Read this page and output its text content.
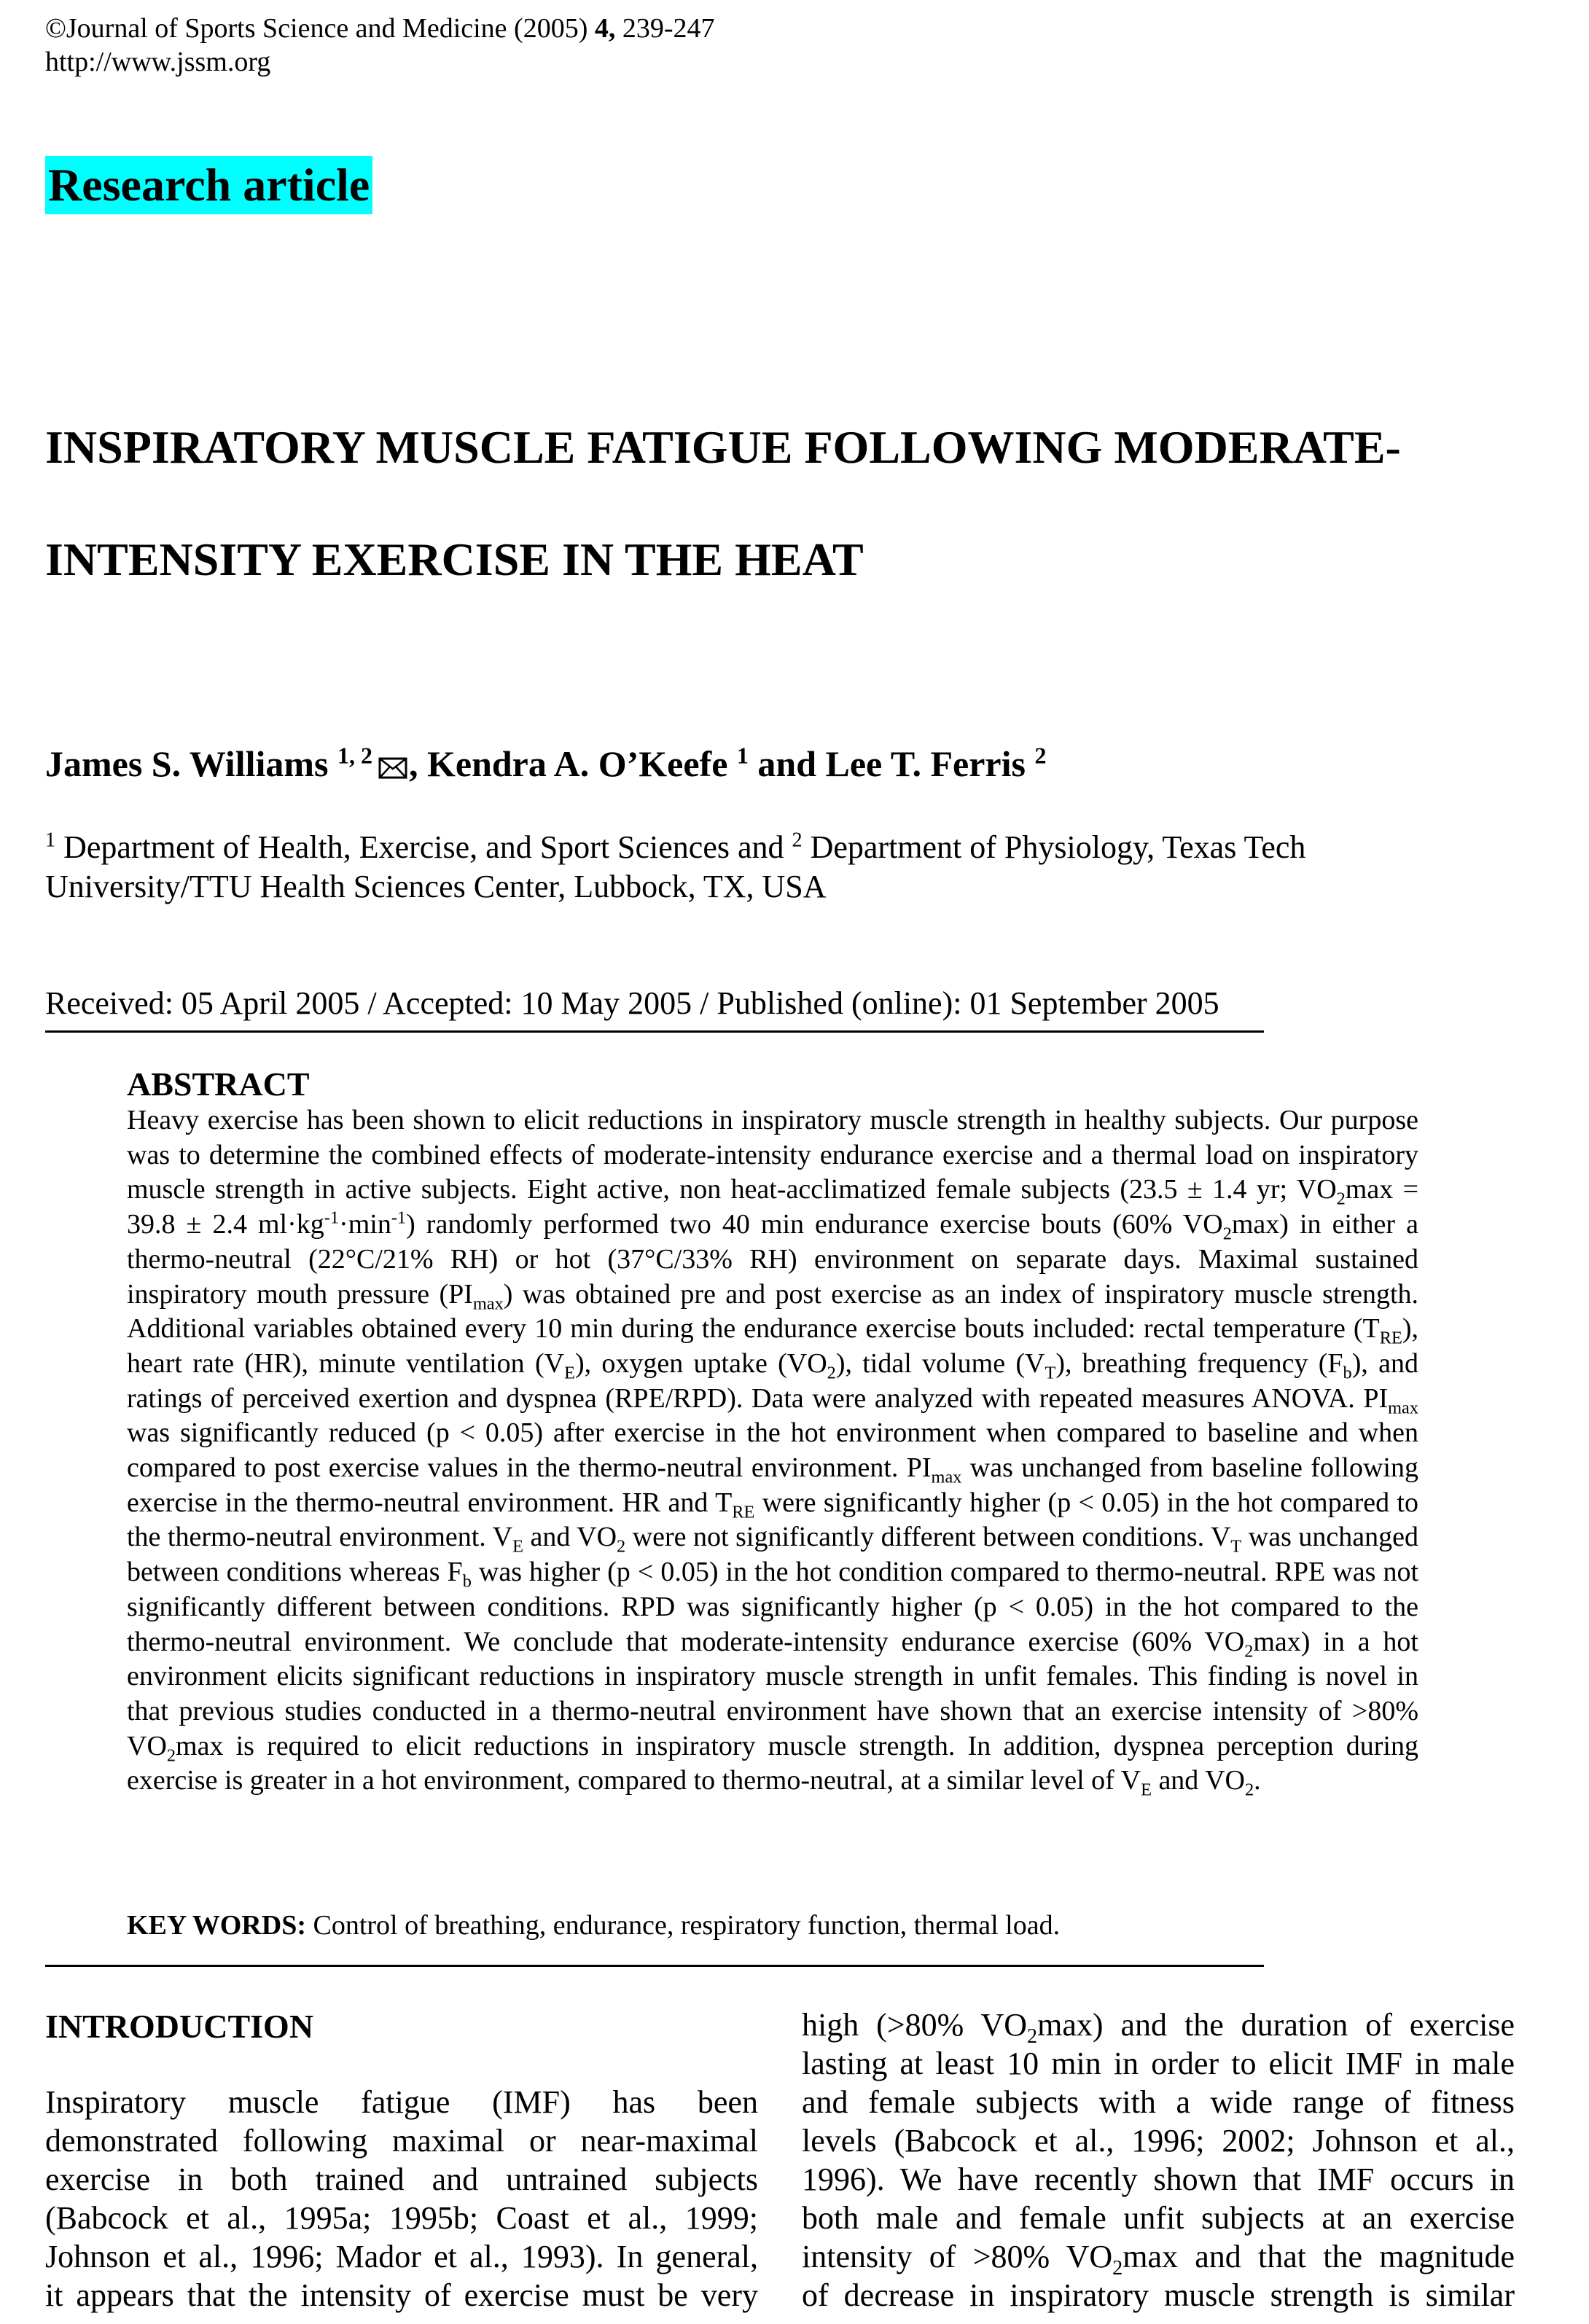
©Journal of Sports Science and Medicine (2005) 4, 239-247
http://www.jssm.org
Research article
INSPIRATORY MUSCLE FATIGUE FOLLOWING MODERATE-
INTENSITY EXERCISE IN THE HEAT
James S. Williams $^{1, 2}$ , Kendra A. O’Keefe $^1$ and Lee T. Ferris $^2$
$^1$ Department of Health, Exercise, and Sport Sciences and $^2$ Department of Physiology, Texas Tech
University/TTU Health Sciences Center, Lubbock, TX, USA
Received: 05 April 2005 / Accepted: 10 May 2005 / Published (online): 01 September 2005
ABSTRACT
Heavy exercise has been shown to elicit reductions in inspiratory muscle strength in healthy subjects. Our purpose was to determine the combined effects of moderate-intensity endurance exercise and a thermal load on inspiratory muscle strength in active subjects. Eight active, non heat-acclimatized female subjects (23.5 ± 1.4 yr; $VO_2\max = 39.8 \pm 2.4$ $ml\cdot kg^{-1}\cdot\min^{-1}$) randomly performed two 40 min endurance exercise bouts (60% $VO_2\max$) in either a thermo-neutral (22°C/21% RH) or hot (37°C/33% RH) environment on separate days. Maximal sustained inspiratory mouth pressure $(PI_{max})$ was obtained pre and post exercise as an index of inspiratory muscle strength. Additional variables obtained every 10 min during the endurance exercise bouts included: rectal temperature $(T_{RE})$, heart rate (HR), minute ventilation $(V_E)$, oxygen uptake $(VO_2)$, tidal volume $(V_T)$, breathing frequency $(F_b)$, and ratings of perceived exertion and dyspnea (RPE/RPD). Data were analyzed with repeated measures ANOVA. $PI_{max}$ was significantly reduced (p < 0.05) after exercise in the hot environment when compared to baseline and when compared to post exercise values in the thermo-neutral environment. $PI_{max}$ was unchanged from baseline following exercise in the thermo-neutral environment. HR and $T_{RE}$ were significantly higher (p < 0.05) in the hot compared to the thermo-neutral environment. $V_E$ and $VO_2$ were not significantly different between conditions. $V_T$ was unchanged between conditions whereas $F_b$ was higher (p < 0.05) in the hot condition compared to thermo-neutral. RPE was not significantly different between conditions. RPD was significantly higher (p < 0.05) in the hot compared to the thermo-neutral environment. We conclude that moderate-intensity endurance exercise (60% $VO_2\max$) in a hot environment elicits significant reductions in inspiratory muscle strength in unfit females. This finding is novel in that previous studies conducted in a thermo-neutral environment have shown that an exercise intensity of >80% $VO_2\max$ is required to elicit reductions in inspiratory muscle strength. In addition, dyspnea perception during exercise is greater in a hot environment, compared to thermo-neutral, at a similar level of $V_E$ and $VO_2$.
KEY WORDS: Control of breathing, endurance, respiratory function, thermal load.
INTRODUCTION
Inspiratory muscle fatigue (IMF) has been
demonstrated following maximal or near-maximal
exercise in both trained and untrained subjects
(Babcock et al., 1995a; 1995b; Coast et al., 1999;
Johnson et al., 1996; Mador et al., 1993). In general,
it appears that the intensity of exercise must be very
high (>80% $VO_2\max$) and the duration of exercise
lasting at least 10 min in order to elicit IMF in male
and female subjects with a wide range of fitness
levels (Babcock et al., 1996; 2002; Johnson et al.,
1996). We have recently shown that IMF occurs in
both male and female unfit subjects at an exercise
intensity of >80% $VO_2\max$ and that the magnitude
of decrease in inspiratory muscle strength is similar
